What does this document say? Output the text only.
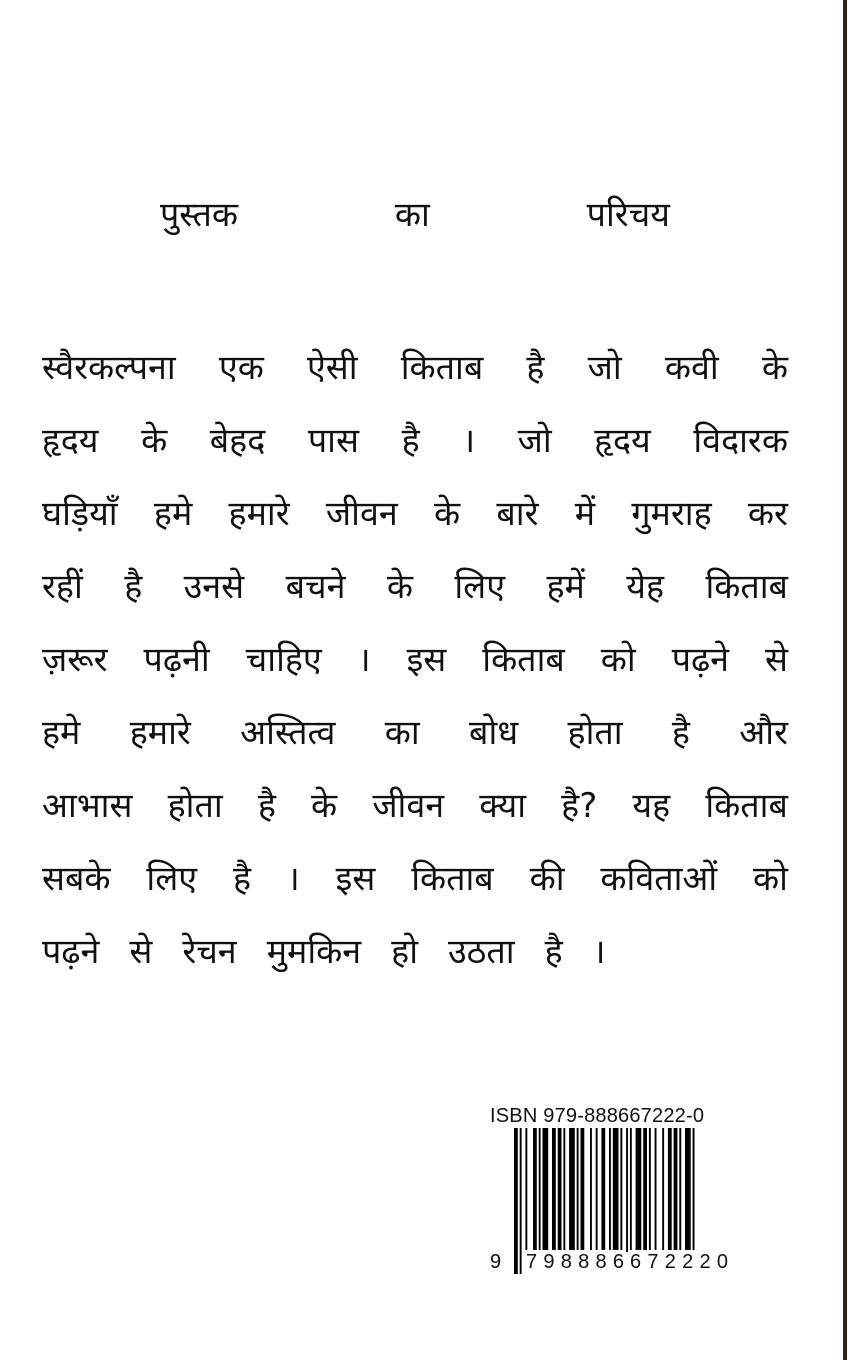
पुस्तक	का	परिचय
स्वैरकल्पना एक ऐसी किताब है जो कवी के
हृदय के बेहद पास है । जो हृदय विदारक
घड़ियाँ हमे हमारे जीवन के बारे में गुमराह कर
रहीं है उनसे बचने के लिए हमें येह किताब
ज़रूर पढ़नी चाहिए । इस किताब को पढ़ने से
हमे हमारे अस्तित्व का बोध होता है और
आभास होता है के जीवन क्या है? यह किताब
सबके लिए है । इस किताब की कविताओं को
पढ़ने से रेचन मुमकिन हो उठता है ।
ISBN 979-888667222-0
9 7 9 8 8 8 6 6 7 2 2 2 0
